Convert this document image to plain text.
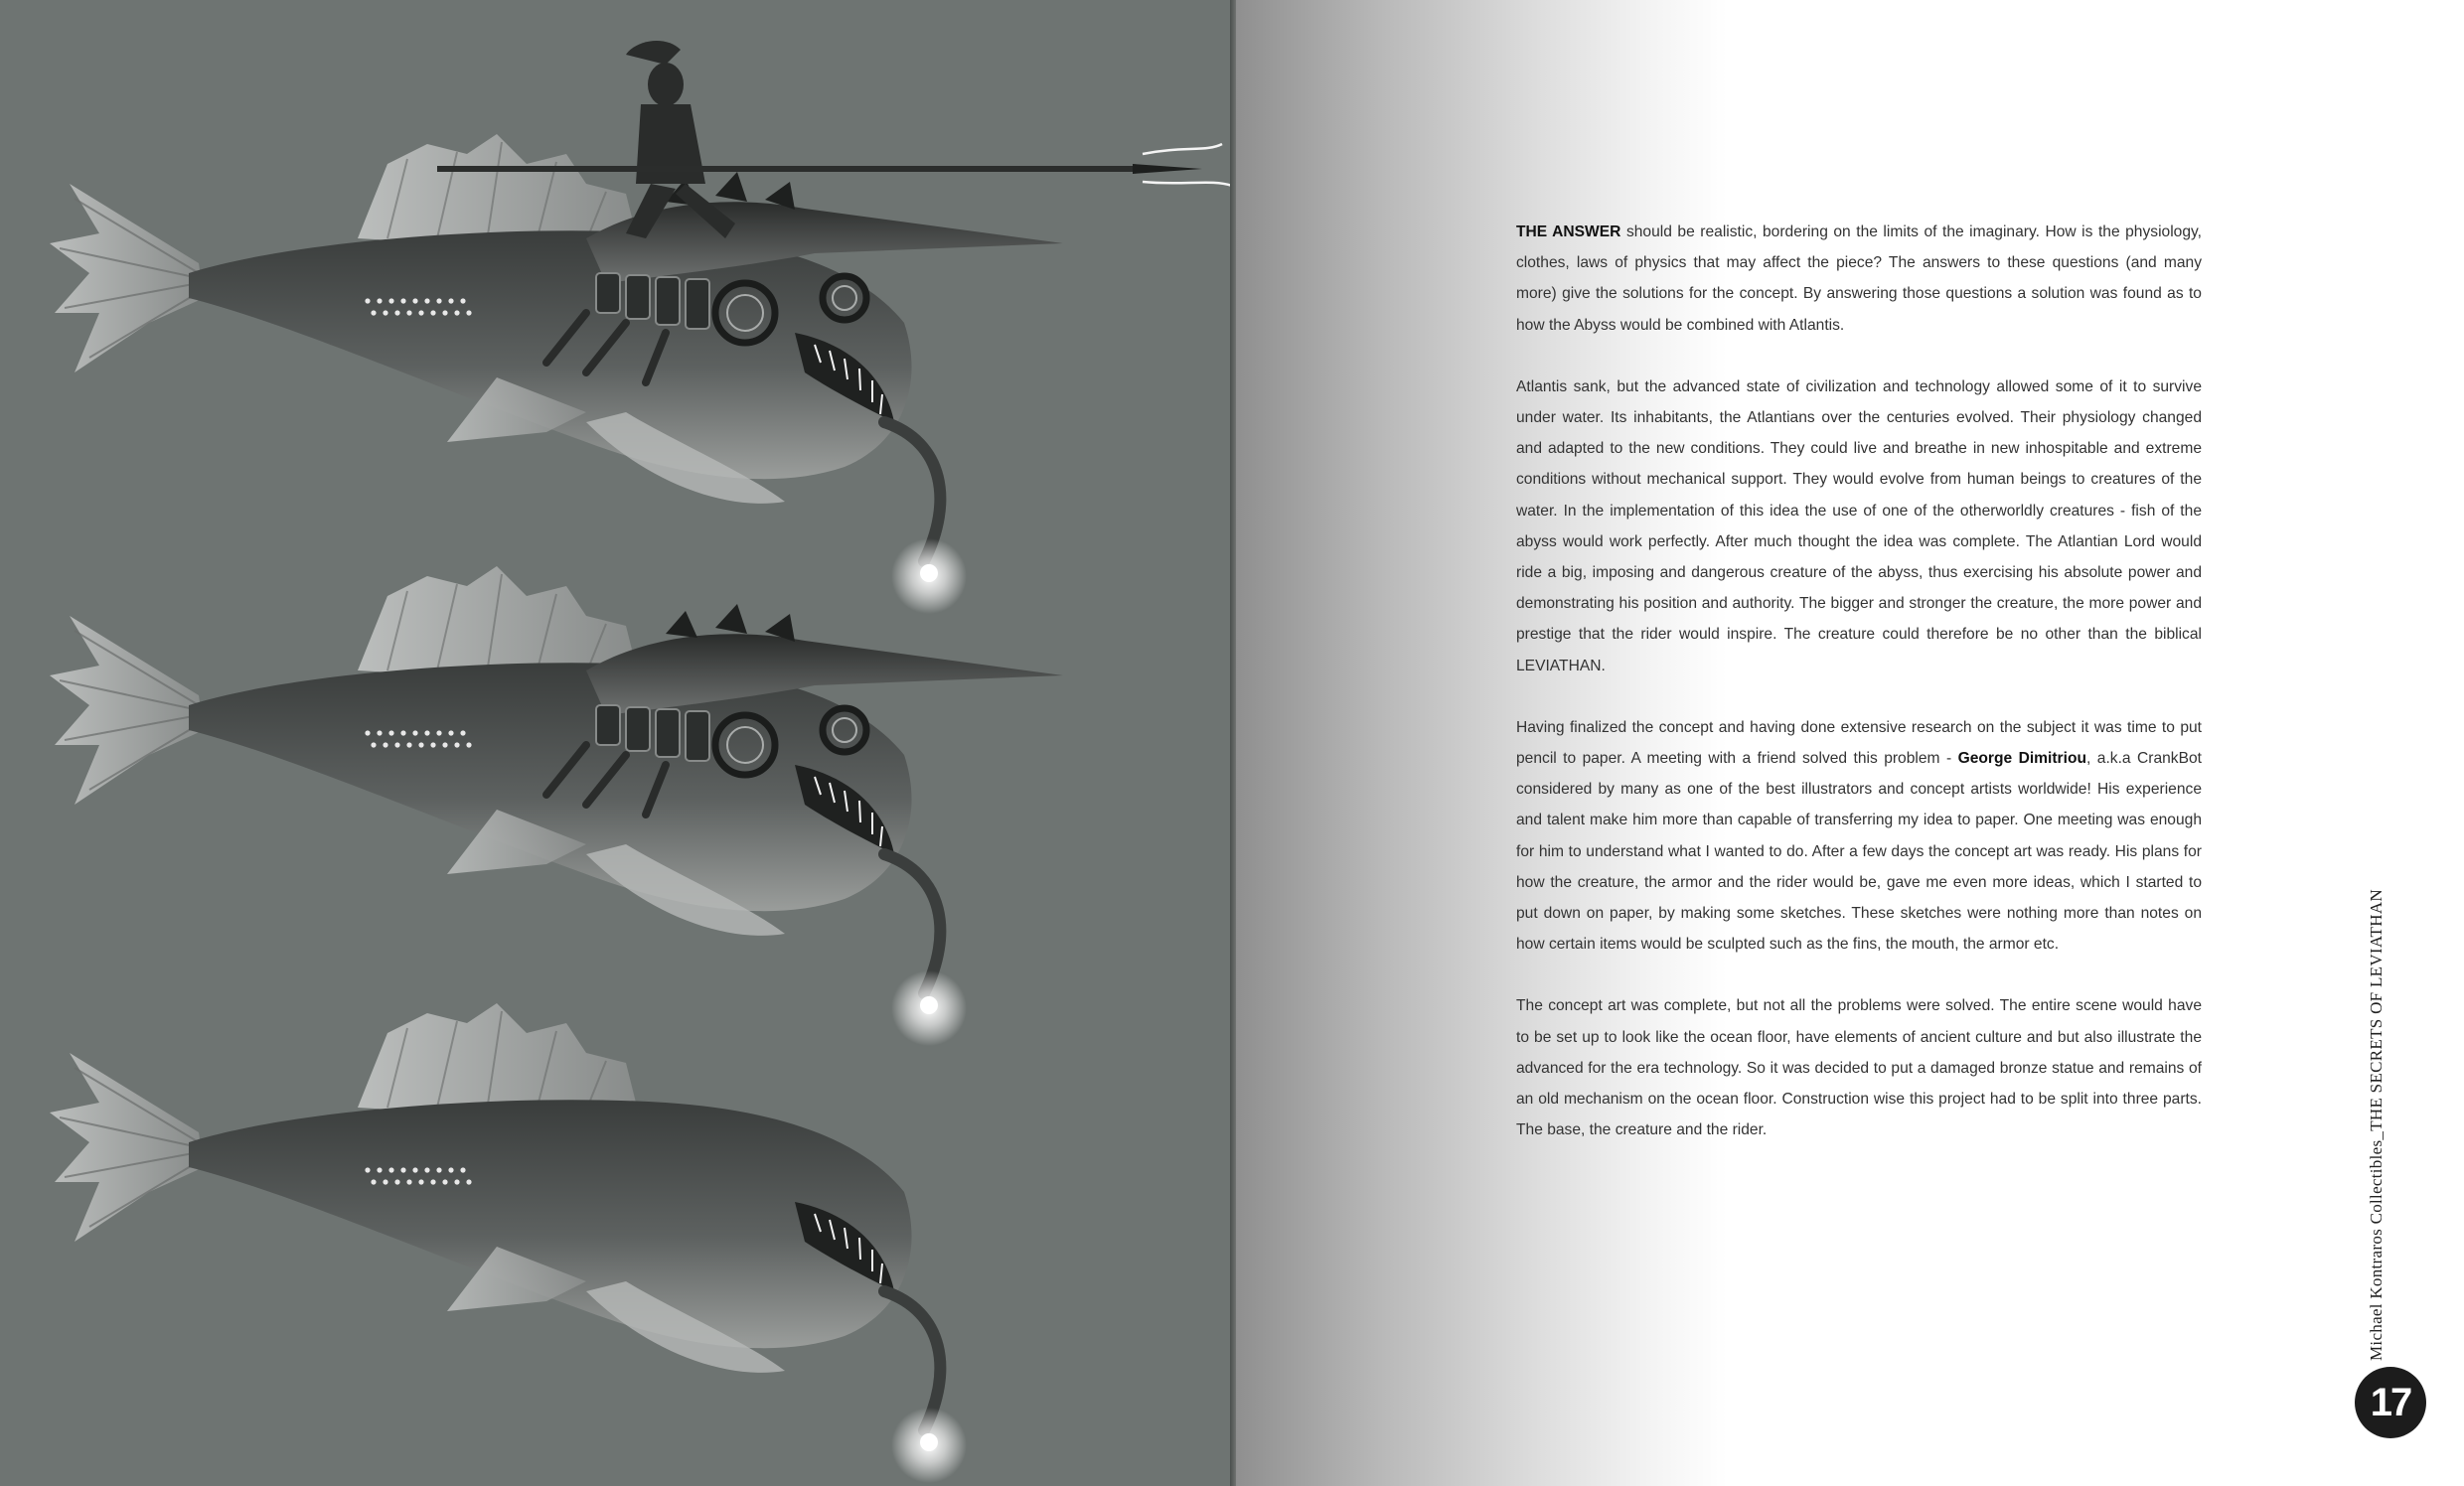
THE ANSWER should be realistic, bordering on the limits of the imaginary. How is the physiology, clothes, laws of physics that may affect the piece? The answers to these questions (and many more) give the solutions for the concept. By answering those questions a solution was found as to how the Abyss would be combined with Atlantis.

Atlantis sank, but the advanced state of civilization and technology allowed some of it to survive under water. Its inhabitants, the Atlantians over the centuries evolved. Their physiology changed and adapted to the new conditions. They could live and breathe in new inhospitable and extreme conditions without mechanical support. They would evolve from human beings to creatures of the water. In the implementation of this idea the use of one of the otherworldly creatures - fish of the abyss would work perfectly. After much thought the idea was complete. The Atlantian Lord would ride a big, imposing and dangerous creature of the abyss, thus exercising his absolute power and demonstrating his position and authority. The bigger and stronger the creature, the more power and prestige that the rider would inspire. The creature could therefore be no other than the biblical LEVIATHAN.

Having finalized the concept and having done extensive research on the subject it was time to put pencil to paper. A meeting with a friend solved this problem - George Dimitriou, a.k.a CrankBot considered by many as one of the best illustrators and concept artists worldwide! His experience and talent make him more than capable of transferring my idea to paper. One meeting was enough for him to understand what I wanted to do. After a few days the concept art was ready. His plans for how the creature, the armor and the rider would be, gave me even more ideas, which I started to put down on paper, by making some sketches. These sketches were nothing more than notes on how certain items would be sculpted such as the fins, the mouth, the armor etc.

The concept art was complete, but not all the problems were solved. The entire scene would have to be set up to look like the ocean floor, have elements of ancient culture and but also illustrate the advanced for the era technology. So it was decided to put a damaged bronze statue and remains of an old mechanism on the ocean floor. Construction wise this project had to be split into three parts. The base, the creature and the rider.	Michael Kontraros Collectibles_THE SECRETS OF LEVIATHAN
17
